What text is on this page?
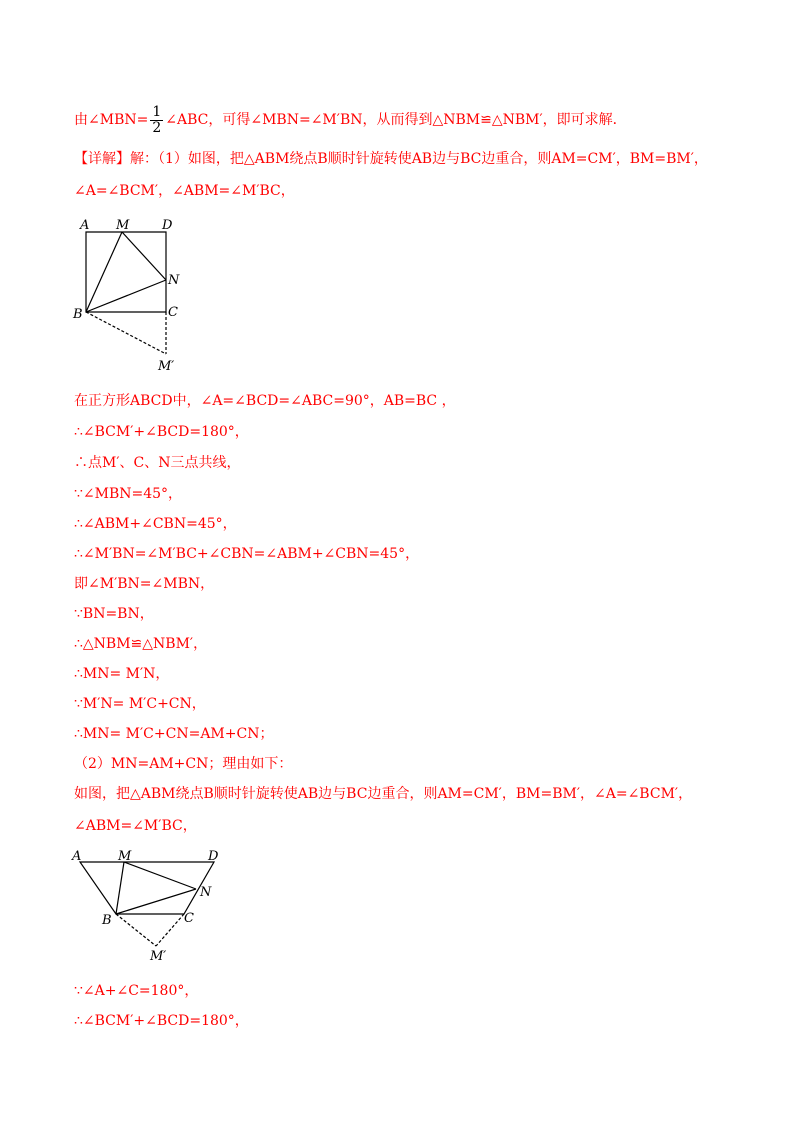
由∠MBN= $\frac{1}{2}$ ∠ABC，可得∠MBN=∠M′BN，从而得到△NBM≌△NBM′，即可求解．
【详解】解：（1）如图，把△ABM绕点B顺时针旋转使AB边与BC边重合，则AM=CM′，BM=BM′，
∠A=∠BCM′，∠ABM=∠M′BC，
A M	D
N
B	C
M′
在正方形ABCD中，∠A=∠BCD=∠ABC=90°，AB=BC ，
∴∠BCM′+∠BCD=180°，
∴点M′、C、N三点共线，
∵∠MBN=45°，
∴∠ABM+∠CBN=45°，
∴∠M′BN=∠M′BC+∠CBN=∠ABM+∠CBN=45°，
即∠M′BN=∠MBN，
∵BN=BN，
∴△NBM≌△NBM′，
∴MN= M′N，
∵M′N= M′C+CN，
∴MN= M′C+CN=AM+CN；
（2）MN=AM+CN；理由如下：
如图，把△ABM绕点B顺时针旋转使AB边与BC边重合，则AM=CM′，BM=BM′，∠A=∠BCM′，
∠ABM=∠M′BC，
A	M	D
N
B	C
M′
∵∠A+∠C=180°，
∴∠BCM′+∠BCD=180°，
